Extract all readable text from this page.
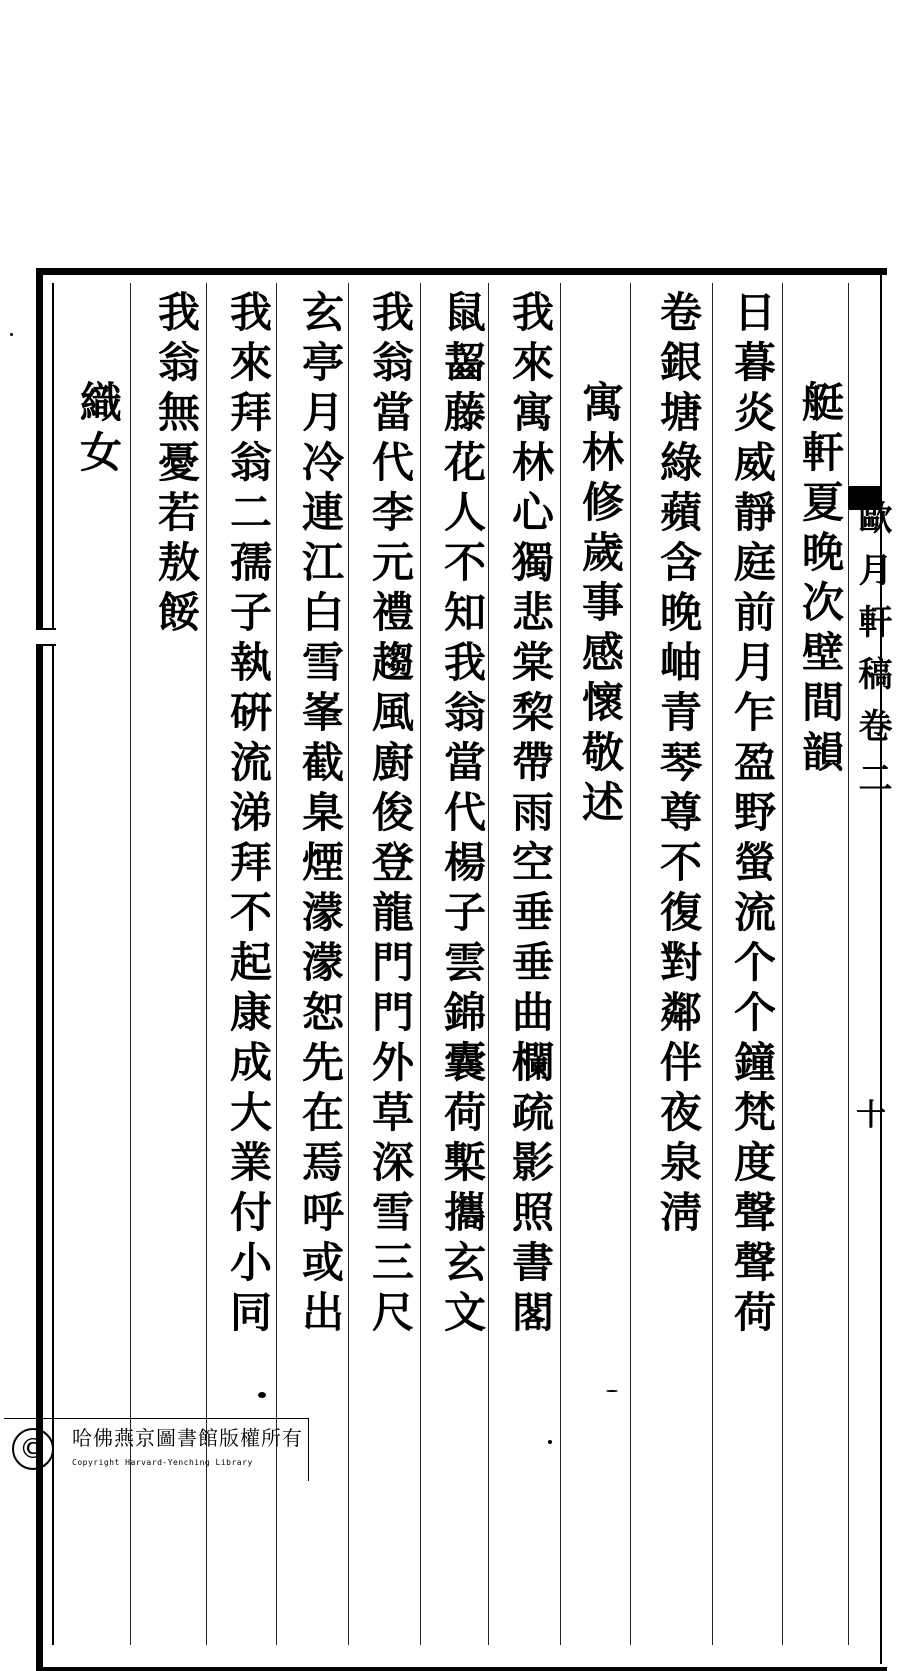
歐月軒稿卷二
十
艇軒夏晚次壁間韻
日暮炎威靜庭前月乍盈野螢流个个鐘梵度聲聲荷
卷銀塘綠蘋含晚岫青琴尊不復對鄰伴夜泉淸
寓林修歲事感懷敬述
我來寓林心獨悲棠棃帶雨空垂垂曲欄疏影照書閣
鼠齧藤花人不知我翁當代楊子雲錦囊荷槧攜玄文
我翁當代李元禮趨風廚俊登龍門門外草深雪三尺
玄亭月冷連江白雪峯截臬煙濛濛恕先在焉呼或出
我來拜翁二孺子執硏流涕拜不起康成大業付小同
我翁無憂若敖餒
織女
©	哈佛燕京圖書館版權所有
Copyright Harvard-Yenching Library
